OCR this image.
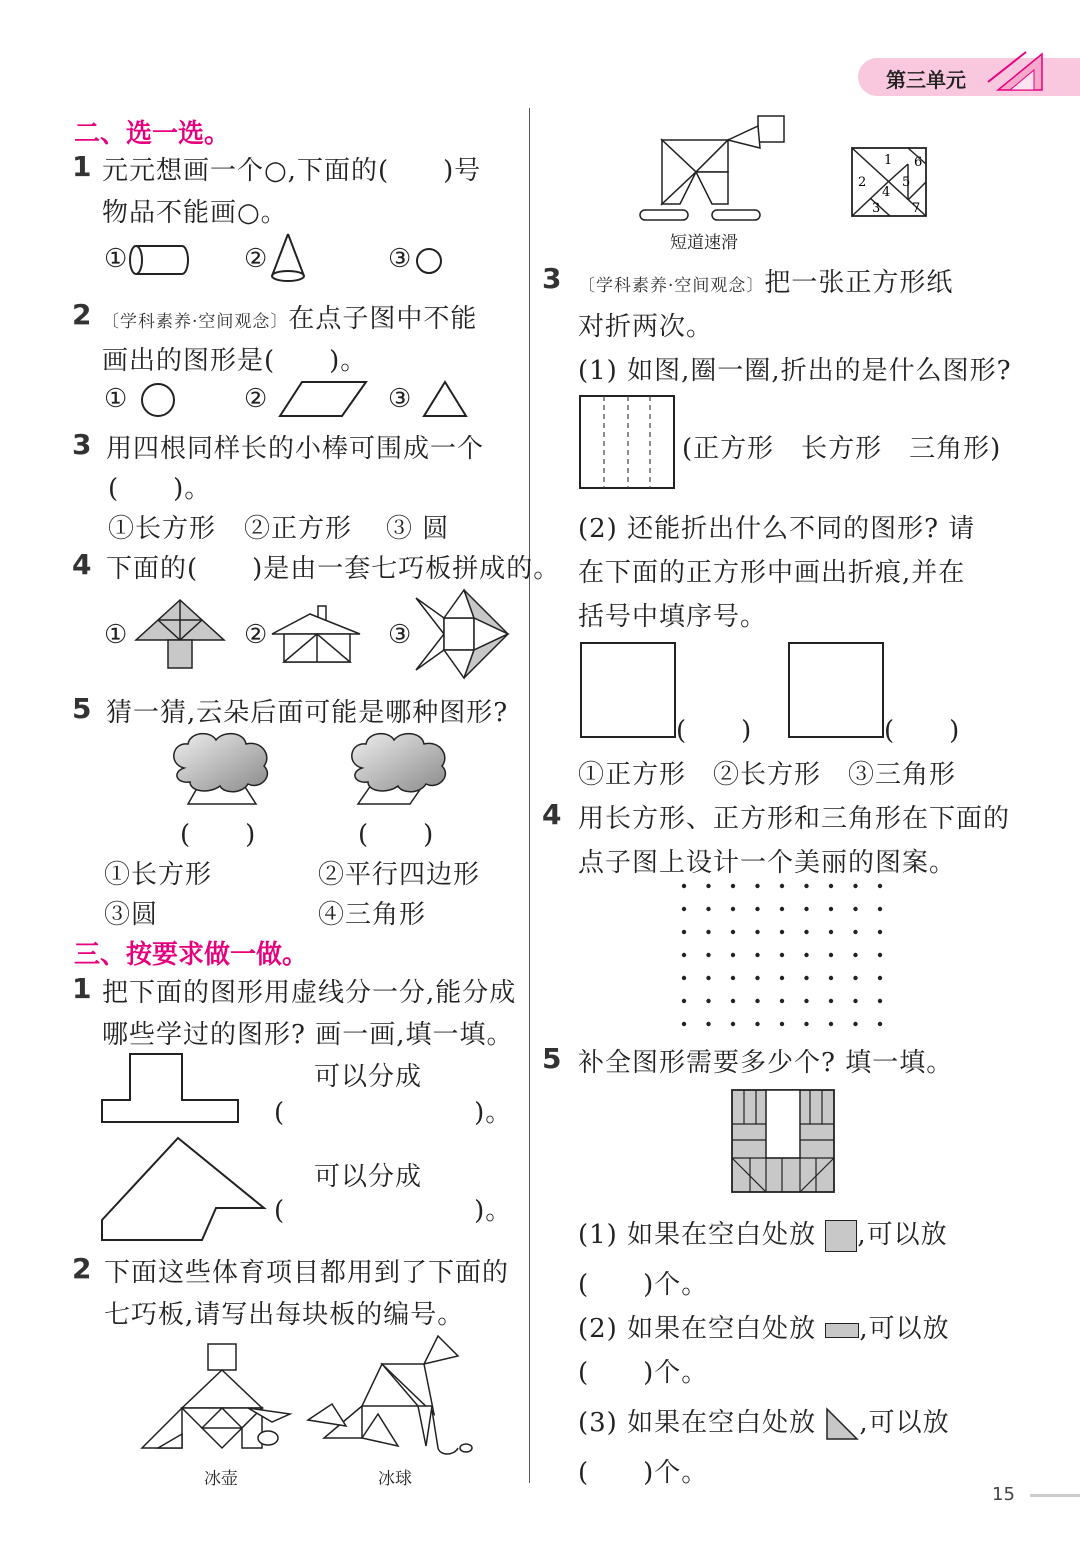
第三单元
二、选一选。
1 元元想画一个○,下面的(　　)号
物品不能画○。
①	②	③
2 〔学科素养·空间观念〕在点子图中不能
画出的图形是(　　)。
①	②	③
3 用四根同样长的小棒可围成一个
(　　)。
①长方形 ②正方形 ③ 圆
4 下面的(　　)是由一套七巧板拼成的。
①	②	③
5 猜一猜,云朵后面可能是哪种图形?
(　　)	(　　)
①长方形	②平行四边形
③圆	④三角形
三、按要求做一做。
1 把下面的图形用虚线分一分,能分成
哪些学过的图形? 画一画,填一填。
可以分成
(　　　　　　　)。
可以分成
(　　　　　　　)。
2 下面这些体育项目都用到了下面的
七巧板,请写出每块板的编号。
冰壶	冰球
短道速滑
1
2
3
4
5
6
7
3 〔学科素养·空间观念〕把一张正方形纸
对折两次。
(1) 如图,圈一圈,折出的是什么图形?
(正方形　长方形　三角形)
(2) 还能折出什么不同的图形? 请
在下面的正方形中画出折痕,并在
括号中填序号。
(　　)	(　　)
①正方形　②长方形　③三角形
4 用长方形、正方形和三角形在下面的
点子图上设计一个美丽的图案。
5 补全图形需要多少个? 填一填。
(1) 如果在空白处放 ,可以放
(　　)个。
(2) 如果在空白处放 ,可以放
(　　)个。
(3) 如果在空白处放 ,可以放
(　　)个。
15
